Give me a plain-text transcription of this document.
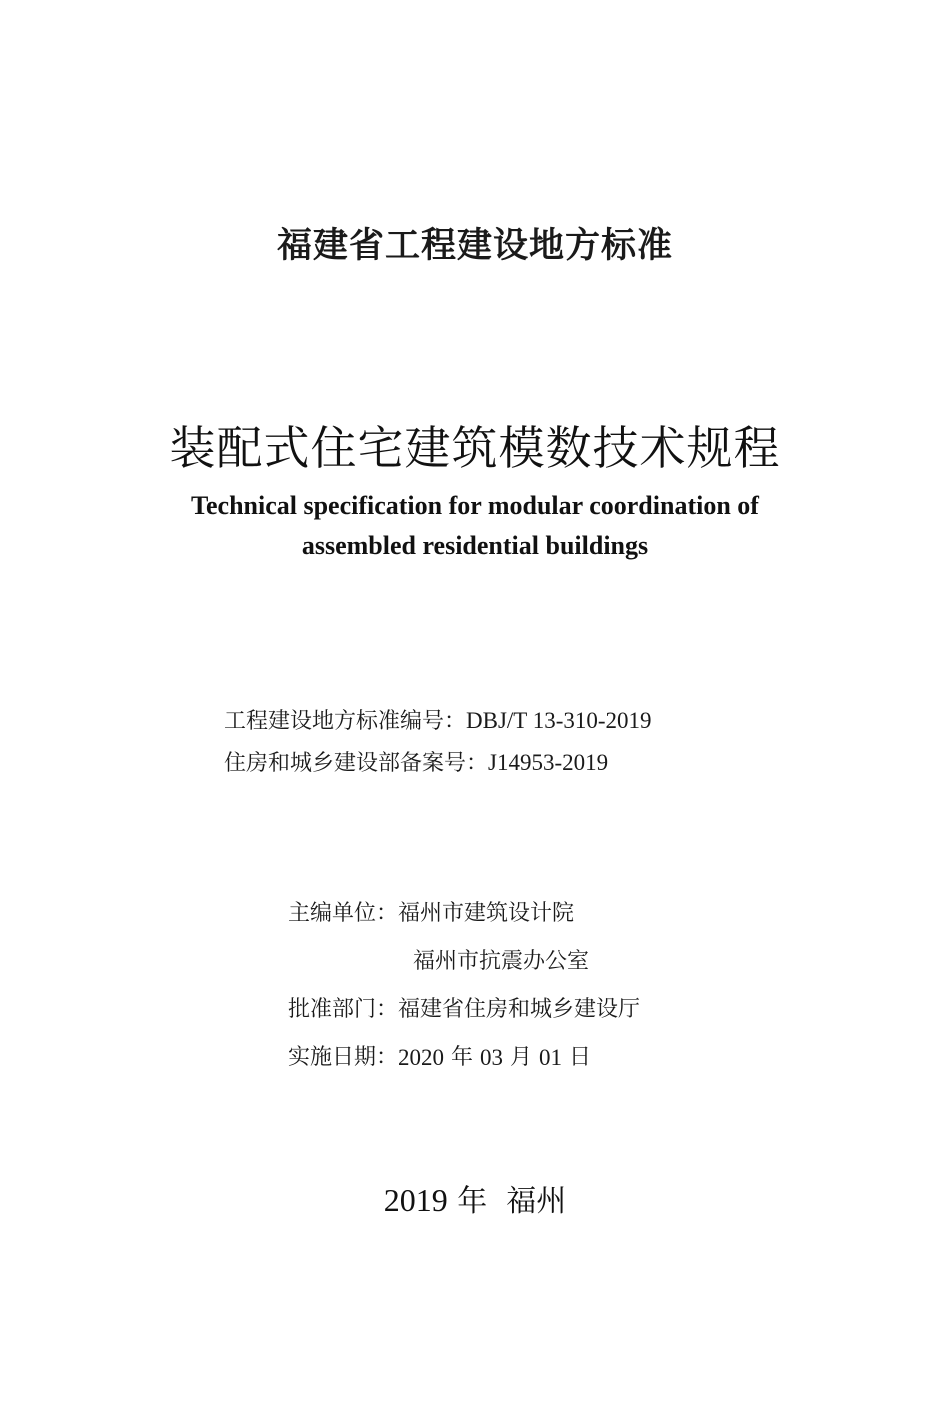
福建省工程建设地方标准
装配式住宅建筑模数技术规程
Technical specification for modular coordination of
assembled residential buildings
工程建设地方标准编号：DBJ/T 13-310-2019
住房和城乡建设部备案号：J14953-2019
主编单位： 福州市建筑设计院
福州市抗震办公室
批准部门： 福建省住房和城乡建设厅
实施日期： 2020 年 03 月 01 日
2019 年  福州
